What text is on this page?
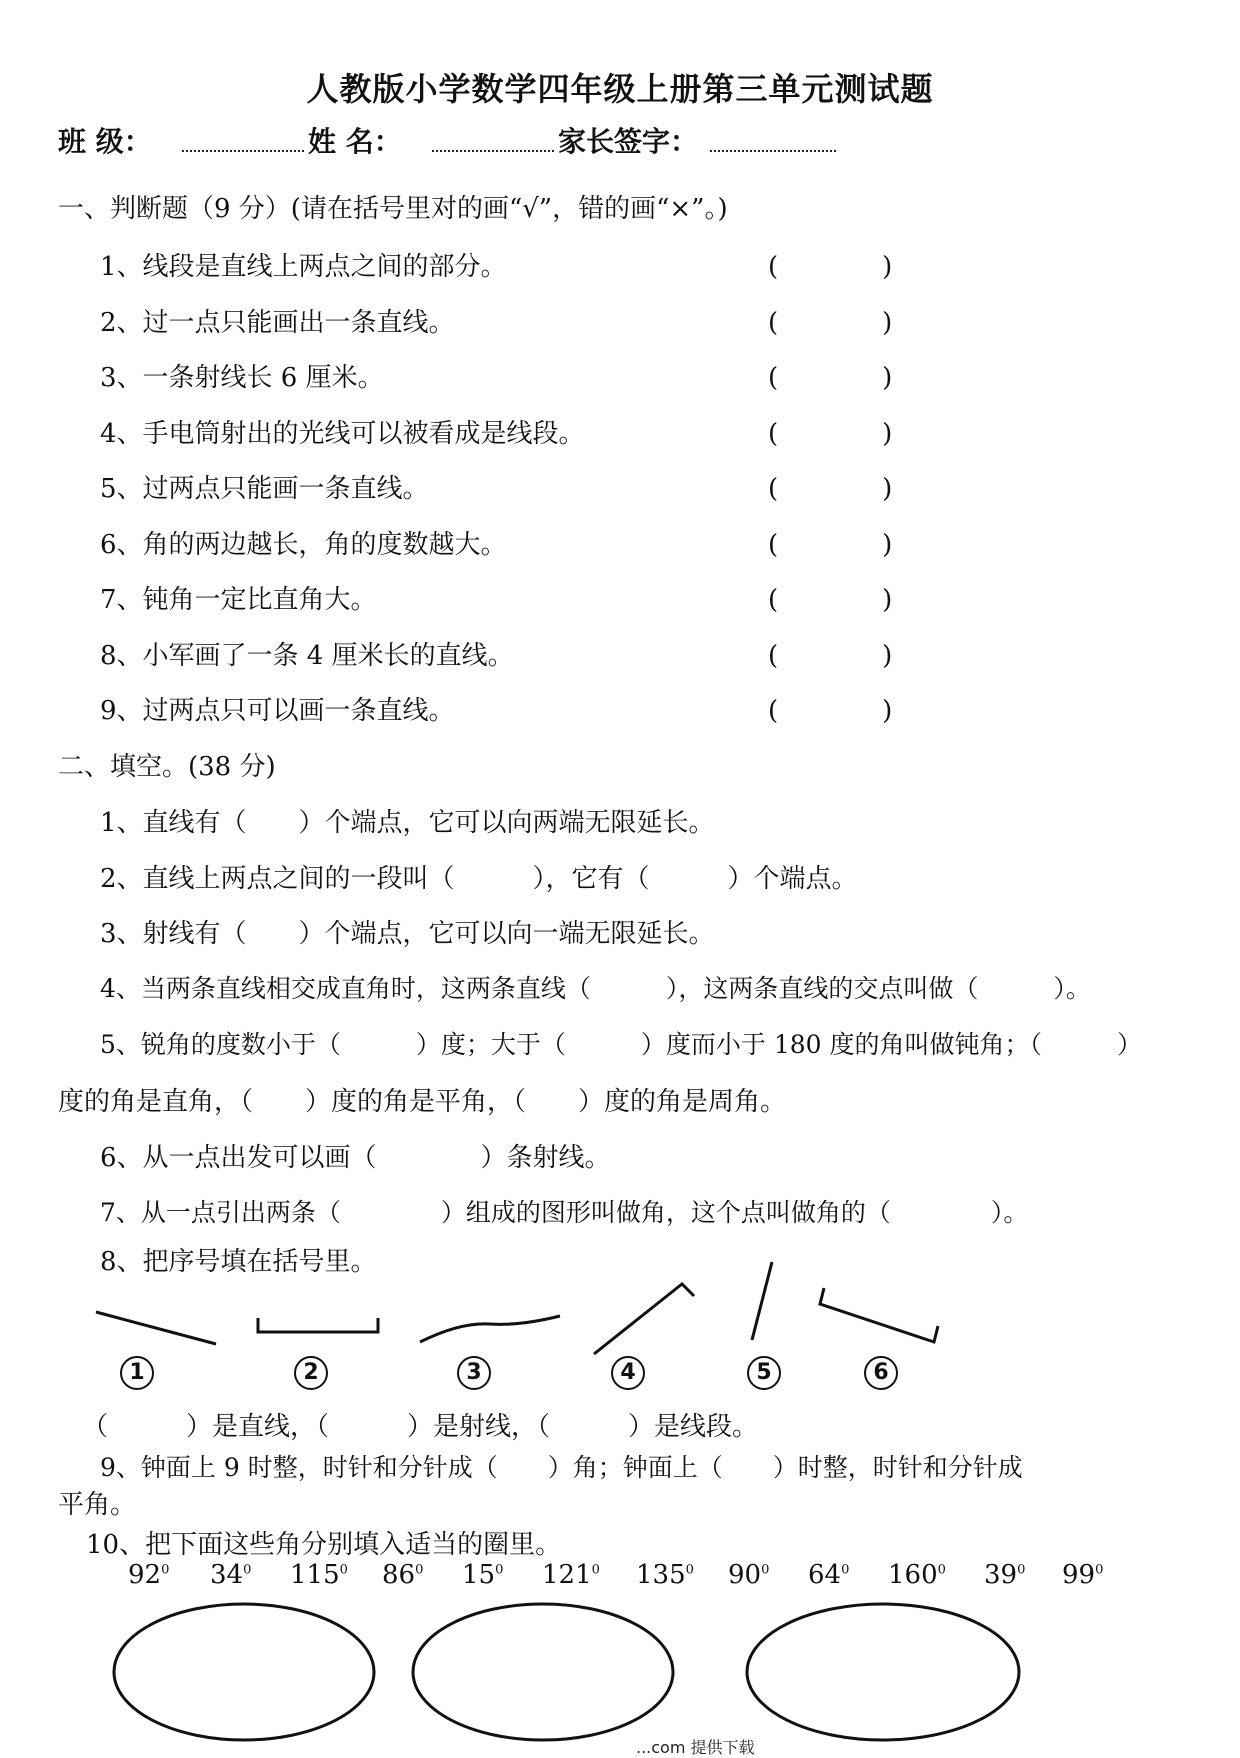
人教版小学数学四年级上册第三单元测试题
班 级：	姓 名：	家长签字：
一、判断题（9 分）(请在括号里对的画“√”，错的画“×”。)
1、线段是直线上两点之间的部分。	(　　　　)
2、过一点只能画出一条直线。	(　　　　)
3、一条射线长 6 厘米。	(　　　　)
4、手电筒射出的光线可以被看成是线段。	(　　　　)
5、过两点只能画一条直线。	(　　　　)
6、角的两边越长，角的度数越大。	(　　　　)
7、钝角一定比直角大。	(　　　　)
8、小军画了一条 4 厘米长的直线。	(　　　　)
9、过两点只可以画一条直线。	(　　　　)
二、填空。(38 分)
1、直线有（　　）个端点，它可以向两端无限延长。
2、直线上两点之间的一段叫（　　　），它有（　　　）个端点。
3、射线有（　　）个端点，它可以向一端无限延长。
4、当两条直线相交成直角时，这两条直线（　　　），这两条直线的交点叫做（　　　）。
5、锐角的度数小于（　　　）度；大于（　　　）度而小于 180 度的角叫做钝角；（　　　）
度的角是直角，（　　）度的角是平角，（　　）度的角是周角。
6、从一点出发可以画（　　　　）条射线。
7、从一点引出两条（　　　　）组成的图形叫做角，这个点叫做角的（　　　　）。
8、把序号填在括号里。
1	2	3	4	5	6
（　　　）是直线，（　　　）是射线，（　　　）是线段。
9、钟面上 9 时整，时针和分针成（　　）角；钟面上（　　）时整，时针和分针成
平角。
10、把下面这些角分别填入适当的圈里。
$92^0$ $34^0$ $115^0$ $86^0$ $15^0$ $121^0$ $135^0$ $90^0$ $64^0$ $160^0$ $39^0$ $99^0$
...com 提供下载
